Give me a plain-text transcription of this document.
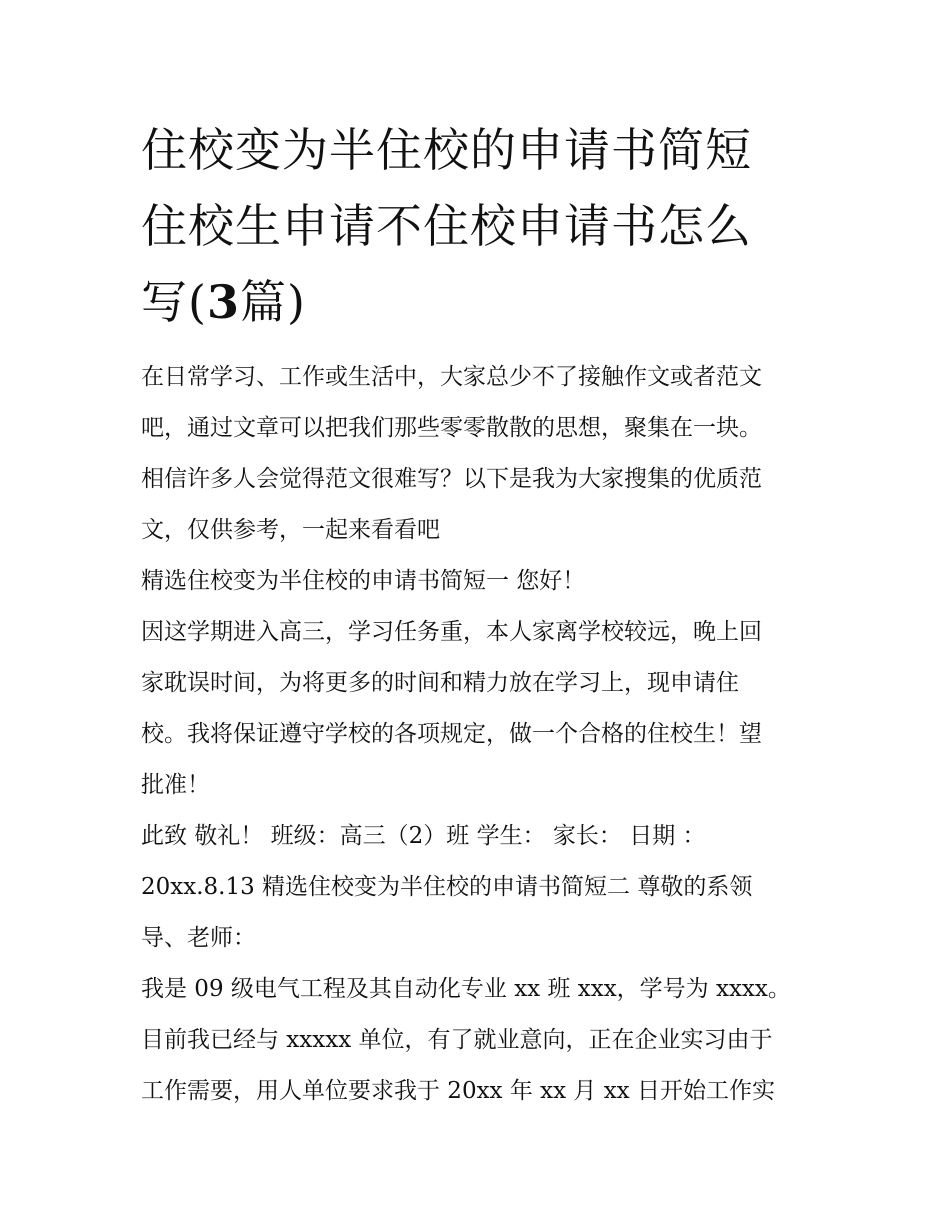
住校变为半住校的申请书简短
住校生申请不住校申请书怎么
写(3篇)
在日常学习、工作或生活中，大家总少不了接触作文或者范文
吧，通过文章可以把我们那些零零散散的思想，聚集在一块。
相信许多人会觉得范文很难写？以下是我为大家搜集的优质范
文，仅供参考，一起来看看吧
精选住校变为半住校的申请书简短一 您好！
因这学期进入高三，学习任务重，本人家离学校较远，晚上回
家耽误时间，为将更多的时间和精力放在学习上，现申请住
校。我将保证遵守学校的各项规定，做一个合格的住校生！望
批准！
此致 敬礼！ 班级：高三（2）班 学生： 家长： 日期 ：
20xx.8.13 精选住校变为半住校的申请书简短二 尊敬的系领
导、老师：
我是 09 级电气工程及其自动化专业 xx 班 xxx，学号为 xxxx。
目前我已经与 xxxxx 单位，有了就业意向，正在企业实习由于
工作需要，用人单位要求我于 20xx 年 xx 月 xx 日开始工作实
